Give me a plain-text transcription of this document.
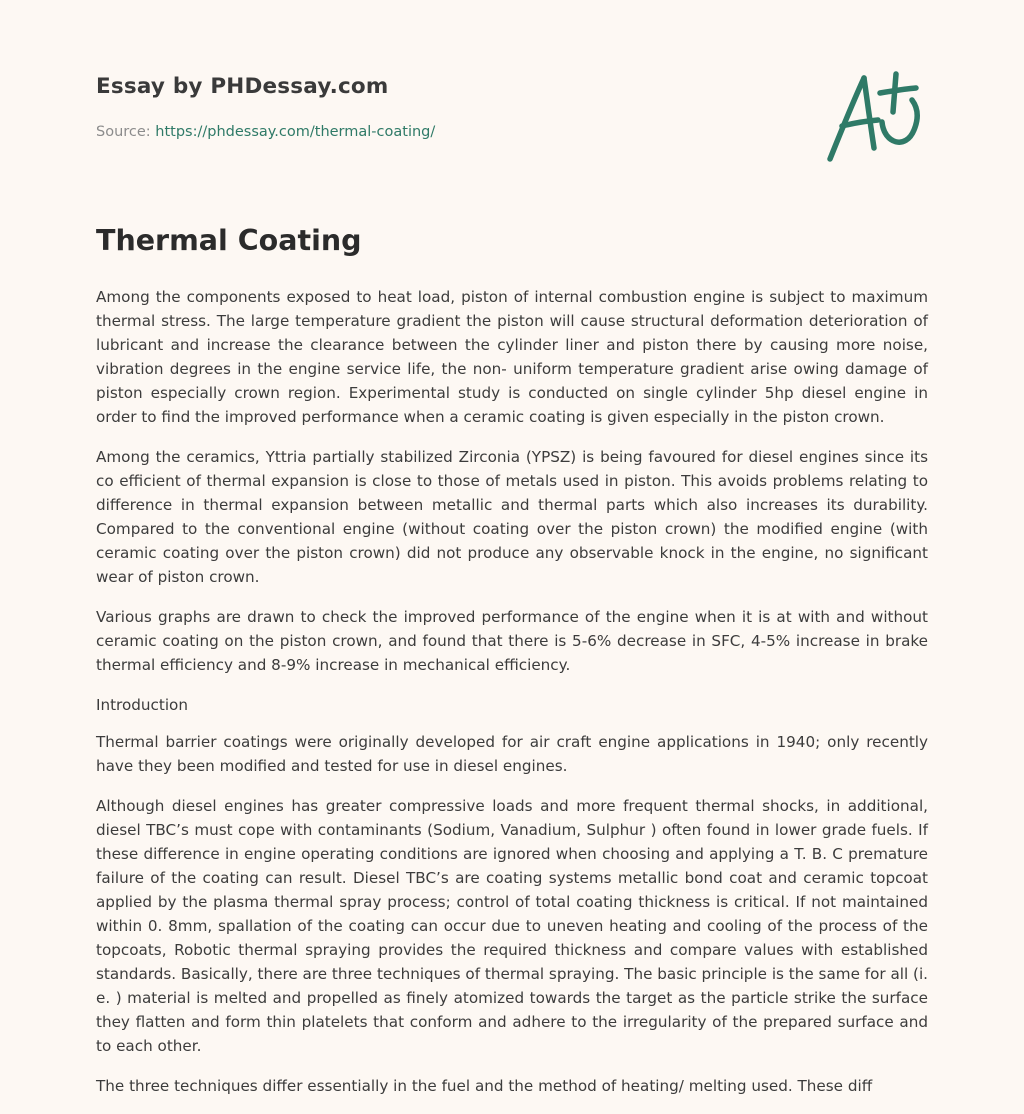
Essay by PHDessay.com
Source: https://phdessay.com/thermal-coating/
Thermal Coating

Among the components exposed to heat load, piston of internal combustion engine is subject to maximum thermal stress. The large temperature gradient the piston will cause structural deformation deterioration of lubricant and increase the clearance between the cylinder liner and piston there by causing more noise, vibration degrees in the engine service life, the non- uniform temperature gradient arise owing damage of piston especially crown region. Experimental study is conducted on single cylinder 5hp diesel engine in order to find the improved performance when a ceramic coating is given especially in the piston crown.

Among the ceramics, Yttria partially stabilized Zirconia (YPSZ) is being favoured for diesel engines since its co efficient of thermal expansion is close to those of metals used in piston. This avoids problems relating to difference in thermal expansion between metallic and thermal parts which also increases its durability. Compared to the conventional engine (without coating over the piston crown) the modified engine (with ceramic coating over the piston crown) did not produce any observable knock in the engine, no significant wear of piston crown.

Various graphs are drawn to check the improved performance of the engine when it is at with and without ceramic coating on the piston crown, and found that there is 5-6% decrease in SFC, 4-5% increase in brake thermal efficiency and 8-9% increase in mechanical efficiency.

Introduction

Thermal barrier coatings were originally developed for air craft engine applications in 1940; only recently have they been modified and tested for use in diesel engines.

Although diesel engines has greater compressive loads and more frequent thermal shocks, in additional, diesel TBC’s must cope with contaminants (Sodium, Vanadium, Sulphur ) often found in lower grade fuels. If these difference in engine operating conditions are ignored when choosing and applying a T. B. C premature failure of the coating can result. Diesel TBC’s are coating systems metallic bond coat and ceramic topcoat applied by the plasma thermal spray process; control of total coating thickness is critical. If not maintained within 0. 8mm, spallation of the coating can occur due to uneven heating and cooling of the process of the topcoats, Robotic thermal spraying provides the required thickness and compare values with established standards. Basically, there are three techniques of thermal spraying. The basic principle is the same for all (i. e. ) material is melted and propelled as finely atomized towards the target as the particle strike the surface they flatten and form thin platelets that conform and adhere to the irregularity of the prepared surface and to each other.

The three techniques differ essentially in the fuel and the method of heating/ melting used. These diff
